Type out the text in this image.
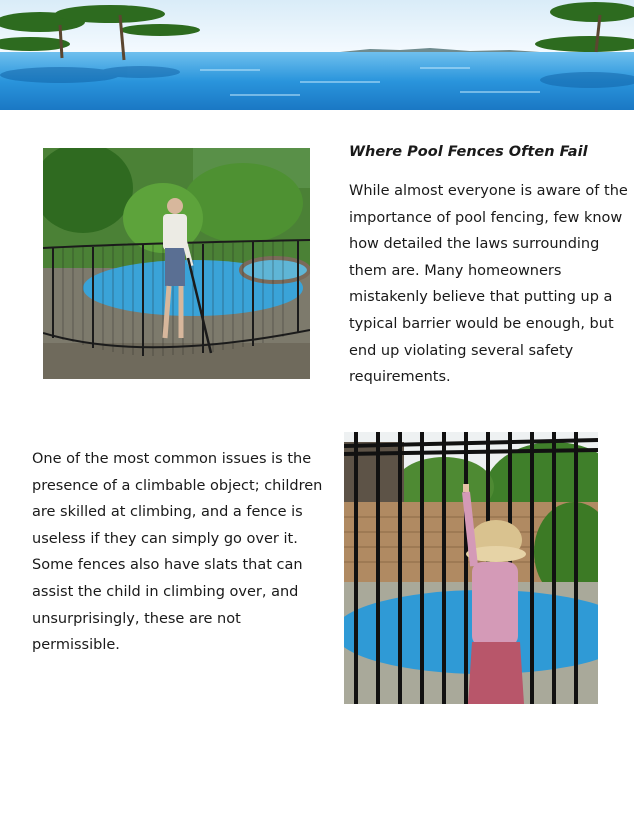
Where Pool Fences Often Fail

While almost everyone is aware of the importance of pool fencing, few know how detailed the laws surrounding them are. Many homeowners mistakenly believe that putting up a typical barrier would be enough, but end up violating several safety requirements.

One of the most common issues is the presence of a climbable object; children are skilled at climbing, and a fence is useless if they can simply go over it. Some fences also have slats that can assist the child in climbing over, and unsurprisingly, these are not permissible.
